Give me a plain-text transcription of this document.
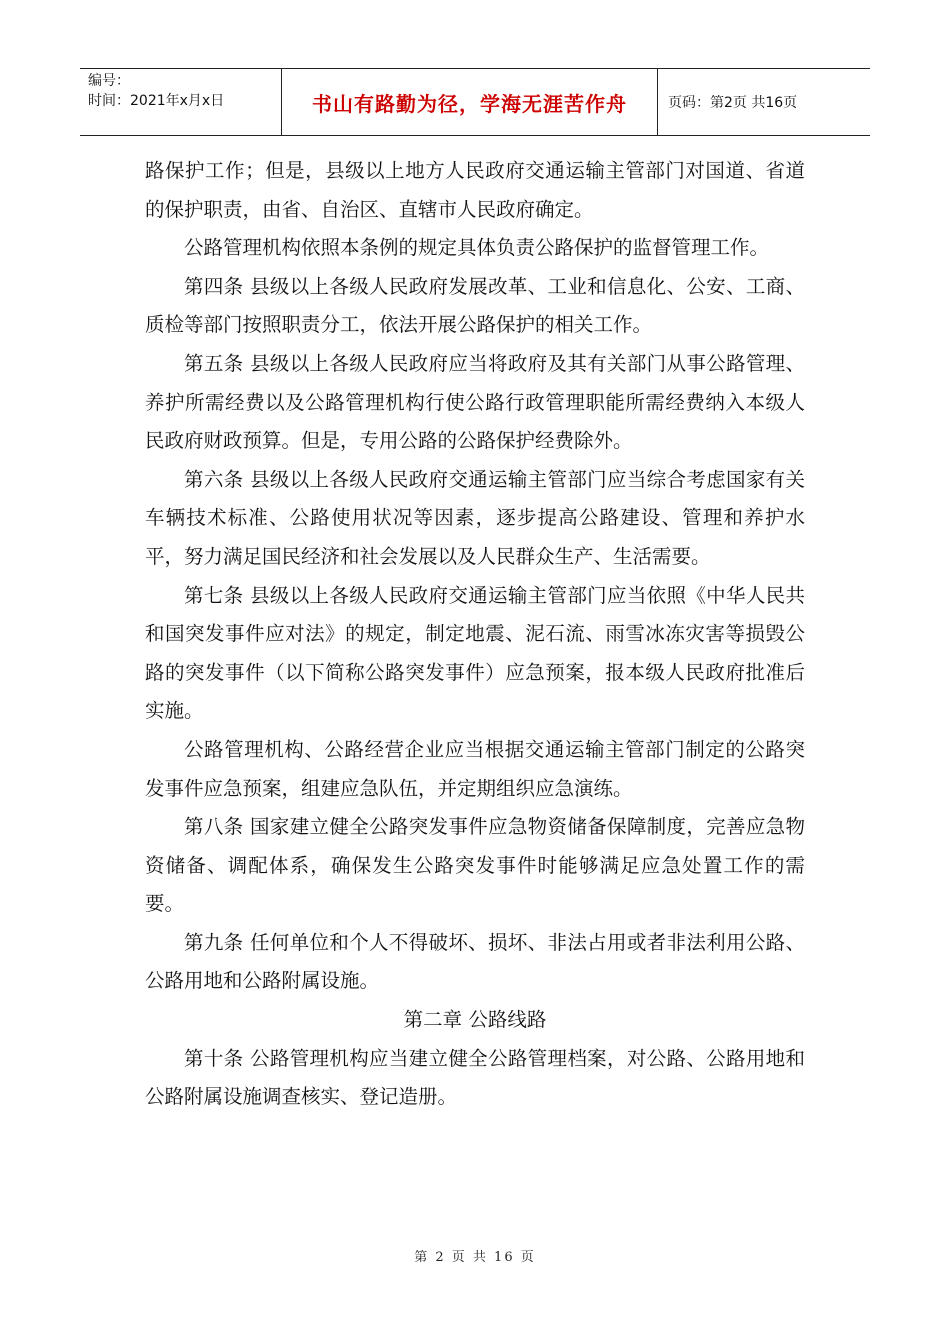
编号：
时间：2021年x月x日	书山有路勤为径，学海无涯苦作舟	页码：第2页 共16页

路保护工作；但是，县级以上地方人民政府交通运输主管部门对国道、省道的保护职责，由省、自治区、直辖市人民政府确定。

公路管理机构依照本条例的规定具体负责公路保护的监督管理工作。

第四条 县级以上各级人民政府发展改革、工业和信息化、公安、工商、质检等部门按照职责分工，依法开展公路保护的相关工作。

第五条 县级以上各级人民政府应当将政府及其有关部门从事公路管理、养护所需经费以及公路管理机构行使公路行政管理职能所需经费纳入本级人民政府财政预算。但是，专用公路的公路保护经费除外。

第六条 县级以上各级人民政府交通运输主管部门应当综合考虑国家有关车辆技术标准、公路使用状况等因素，逐步提高公路建设、管理和养护水平，努力满足国民经济和社会发展以及人民群众生产、生活需要。

第七条 县级以上各级人民政府交通运输主管部门应当依照《中华人民共和国突发事件应对法》的规定，制定地震、泥石流、雨雪冰冻灾害等损毁公路的突发事件（以下简称公路突发事件）应急预案，报本级人民政府批准后实施。

公路管理机构、公路经营企业应当根据交通运输主管部门制定的公路突发事件应急预案，组建应急队伍，并定期组织应急演练。

第八条 国家建立健全公路突发事件应急物资储备保障制度，完善应急物资储备、调配体系，确保发生公路突发事件时能够满足应急处置工作的需要。

第九条 任何单位和个人不得破坏、损坏、非法占用或者非法利用公路、公路用地和公路附属设施。

第二章 公路线路

第十条 公路管理机构应当建立健全公路管理档案，对公路、公路用地和公路附属设施调查核实、登记造册。

第 2 页 共 16 页
